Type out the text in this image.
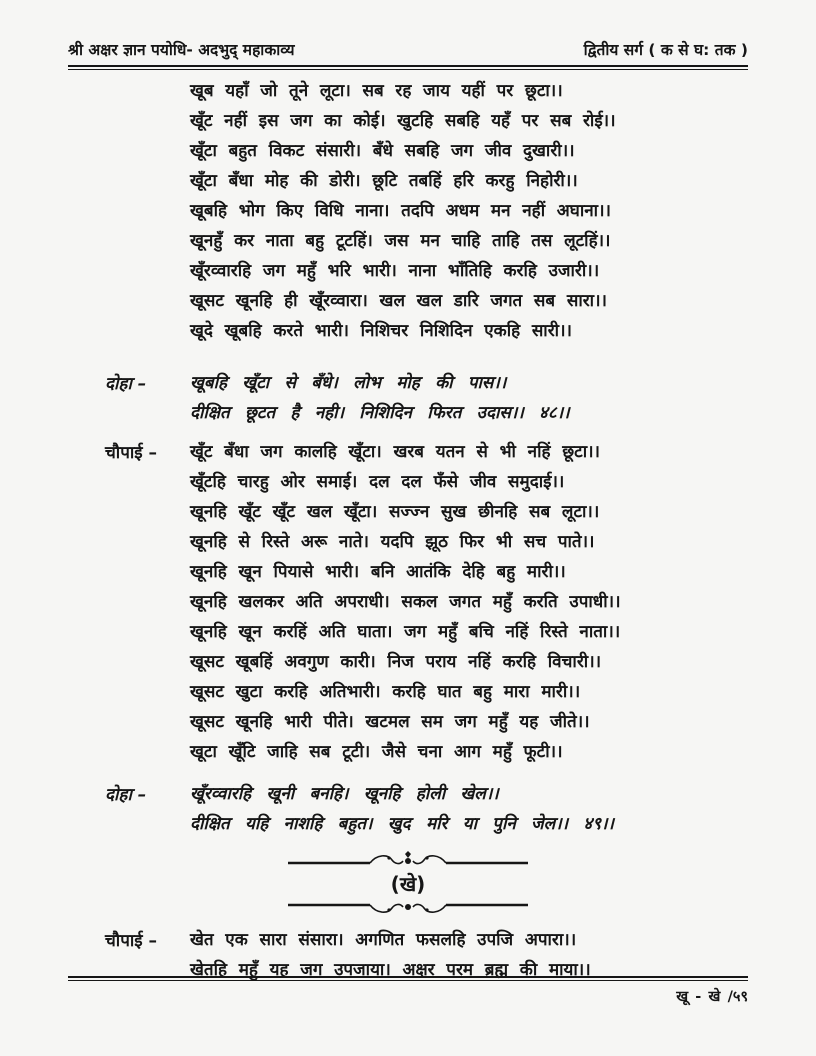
श्री अक्षर ज्ञान पयोधि- अदभुद् महाकाव्य	द्वितीय सर्ग ( क से घ: तक )

खूब यहाँ जो तूने लूटा। सब रह जाय यहीं पर छूटा।।

खूँट नहीं इस जग का कोई। खुटहि सबहि यहँ पर सब रोई।।

खूँटा बहुत विकट संसारी। बँधे सबहि जग जीव दुखारी।।

खूँटा बँधा मोह की डोरी। छूटि तबहिं हरि करहु निहोरी।।

खूबहि भोग किए विधि नाना। तदपि अधम मन नहीं अघाना।।

खूनहुँ कर नाता बहु टूटहिं। जस मन चाहि ताहि तस लूटहिं।।

खूँरव्वारहि जग महुँ भरि भारी। नाना भाँतिहि करहि उजारी।।

खूसट खूनहि ही खूँरव्वारा। खल खल डारि जगत सब सारा।।

खूदे खूबहि करते भारी। निशिचर निशिदिन एकहि सारी।।

दोहा –	खूबहि खूँटा से बँधे। लोभ मोह की पास।।

दीक्षित छूटत है नही। निशिदिन फिरत उदास।। ४८।।

चौपाई –	खूँट बँधा जग कालहि खूँटा। खरब यतन से भी नहिं छूटा।।

खूँटहि चारहु ओर समाई। दल दल फँसे जीव समुदाई।।

खूनहि खूँट खूँट खल खूँटा। सज्ज्न सुख छीनहि सब लूटा।।

खूनहि से रिस्ते अरू नाते। यदपि झूठ फिर भी सच पाते।।

खूनहि खून पियासे भारी। बनि आतंकि देहि बहु मारी।।

खूनहि खलकर अति अपराधी। सकल जगत महुँ करति उपाधी।।

खूनहि खून करहिं अति घाता। जग महुँ बचि नहिं रिस्ते नाता।।

खूसट खूबहिं अवगुण कारी। निज पराय नहिं करहि विचारी।।

खूसट खुटा करहि अतिभारी। करहि घात बहु मारा मारी।।

खूसट खूनहि भारी पीते। खटमल सम जग महुँ यह जीते।।

खूटा खूँटि जाहि सब टूटी। जैसे चना आग महुँ फूटी।।

दोहा –	खूँरव्वारहि खूनी बनहि। खूनहि होली खेल।।

दीक्षित यहि नाशहि बहुत। खुद मरि या पुनि जेल।। ४९।।

(खे)
चौपाई –	खेत एक सारा संसारा। अगणित फसलहि उपजि अपारा।।

खेतहि महुँ यह जग उपजाया। अक्षर परम ब्रह्म की माया।।

खू - खे /५९
